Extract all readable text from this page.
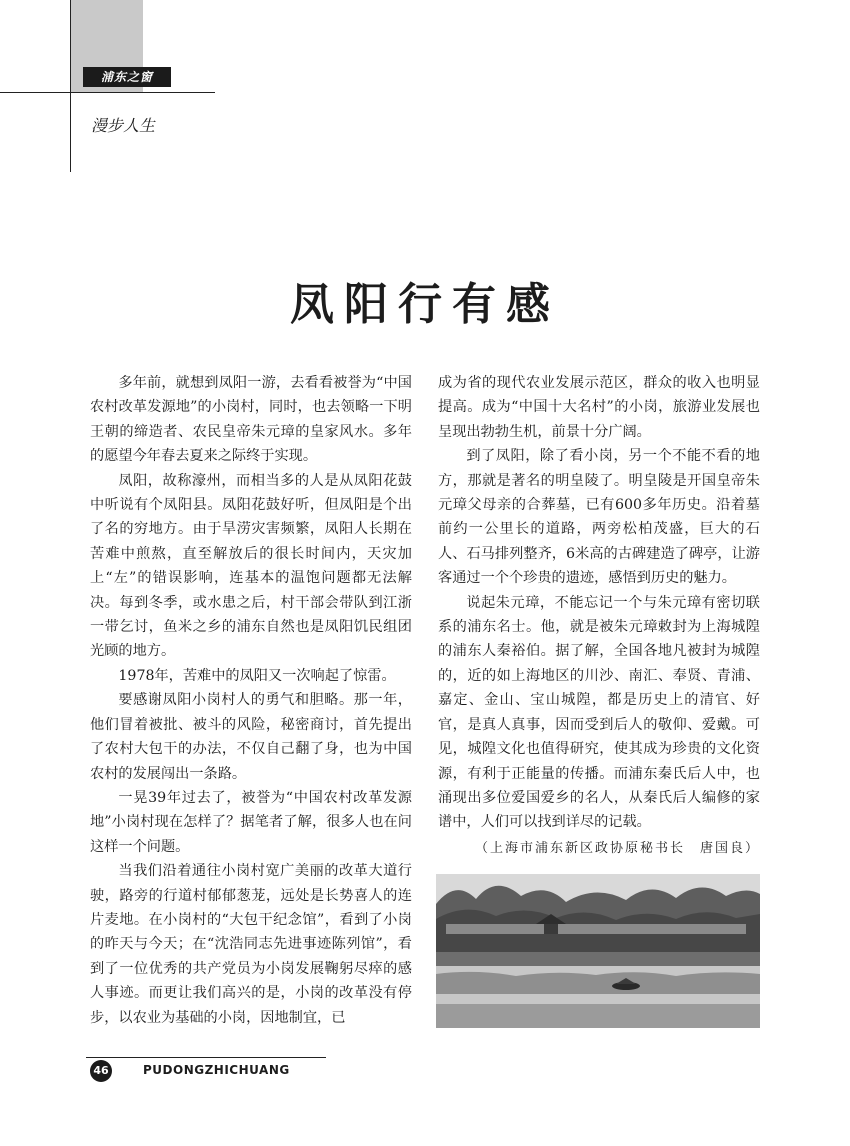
浦东之窗
漫步人生
凤阳行有感

多年前，就想到凤阳一游，去看看被誉为“中国农村改革发源地”的小岗村，同时，也去领略一下明王朝的缔造者、农民皇帝朱元璋的皇家风水。多年的愿望今年春去夏来之际终于实现。

凤阳，故称濠州，而相当多的人是从凤阳花鼓中听说有个凤阳县。凤阳花鼓好听，但凤阳是个出了名的穷地方。由于旱涝灾害频繁，凤阳人长期在苦难中煎熬，直至解放后的很长时间内，天灾加上“左”的错误影响，连基本的温饱问题都无法解决。每到冬季，或水患之后，村干部会带队到江浙一带乞讨，鱼米之乡的浦东自然也是凤阳饥民组团光顾的地方。

1978年，苦难中的凤阳又一次响起了惊雷。

要感谢凤阳小岗村人的勇气和胆略。那一年，他们冒着被批、被斗的风险，秘密商讨，首先提出了农村大包干的办法，不仅自己翻了身，也为中国农村的发展闯出一条路。

一晃39年过去了，被誉为“中国农村改革发源地”小岗村现在怎样了？据笔者了解，很多人也在问这样一个问题。

当我们沿着通往小岗村宽广美丽的改革大道行驶，路旁的行道村郁郁葱茏，远处是长势喜人的连片麦地。在小岗村的“大包干纪念馆”，看到了小岗的昨天与今天；在“沈浩同志先进事迹陈列馆”，看到了一位优秀的共产党员为小岗发展鞠躬尽瘁的感人事迹。而更让我们高兴的是，小岗的改革没有停步，以农业为基础的小岗，因地制宜，已

成为省的现代农业发展示范区，群众的收入也明显提高。成为“中国十大名村”的小岗，旅游业发展也呈现出勃勃生机，前景十分广阔。

到了凤阳，除了看小岗，另一个不能不看的地方，那就是著名的明皇陵了。明皇陵是开国皇帝朱元璋父母亲的合葬墓，已有600多年历史。沿着墓前约一公里长的道路，两旁松柏茂盛，巨大的石人、石马排列整齐，6米高的古碑建造了碑亭，让游客通过一个个珍贵的遗迹，感悟到历史的魅力。

说起朱元璋，不能忘记一个与朱元璋有密切联系的浦东名士。他，就是被朱元璋敕封为上海城隍的浦东人秦裕伯。据了解，全国各地凡被封为城隍的，近的如上海地区的川沙、南汇、奉贤、青浦、嘉定、金山、宝山城隍，都是历史上的清官、好官，是真人真事，因而受到后人的敬仰、爱戴。可见，城隍文化也值得研究，使其成为珍贵的文化资源，有利于正能量的传播。而浦东秦氏后人中，也涌现出多位爱国爱乡的名人，从秦氏后人编修的家谱中，人们可以找到详尽的记载。

（上海市浦东新区政协原秘书长　唐国良）
46	PUDONGZHICHUANG
